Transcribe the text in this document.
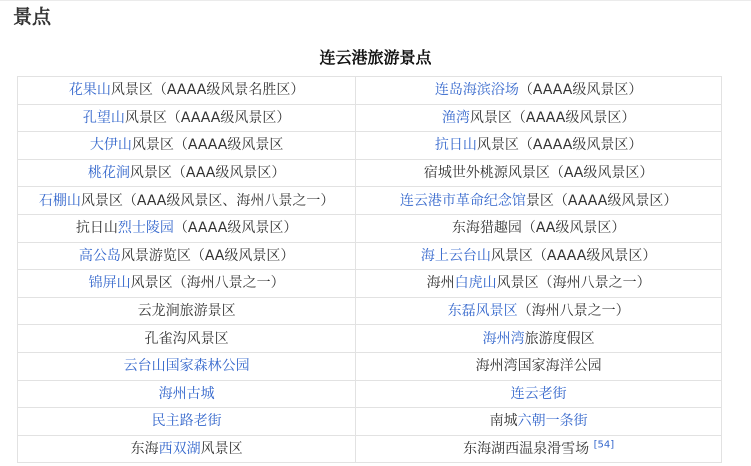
景点
连云港旅游景点
花果山风景区（AAAA级风景名胜区）	连岛海滨浴场（AAAA级风景区）
孔望山风景区（AAAA级风景区）	渔湾风景区（AAAA级风景区）
大伊山风景区（AAAA级风景区	抗日山风景区（AAAA级风景区）
桃花涧风景区（AAA级风景区）	宿城世外桃源风景区（AA级风景区）
石棚山风景区（AAA级风景区、海州八景之一）	连云港市革命纪念馆景区（AAAA级风景区）
抗日山烈士陵园（AAAA级风景区）	东海猎趣园（AA级风景区）
高公岛风景游览区（AA级风景区）	海上云台山风景区（AAAA级风景区）
锦屏山风景区（海州八景之一）	海州白虎山风景区（海州八景之一）
云龙涧旅游景区	东磊风景区（海州八景之一）
孔雀沟风景区	海州湾旅游度假区
云台山国家森林公园	海州湾国家海洋公园
海州古城	连云老街
民主路老街	南城六朝一条街
东海西双湖风景区	东海湖西温泉滑雪场 [54]
